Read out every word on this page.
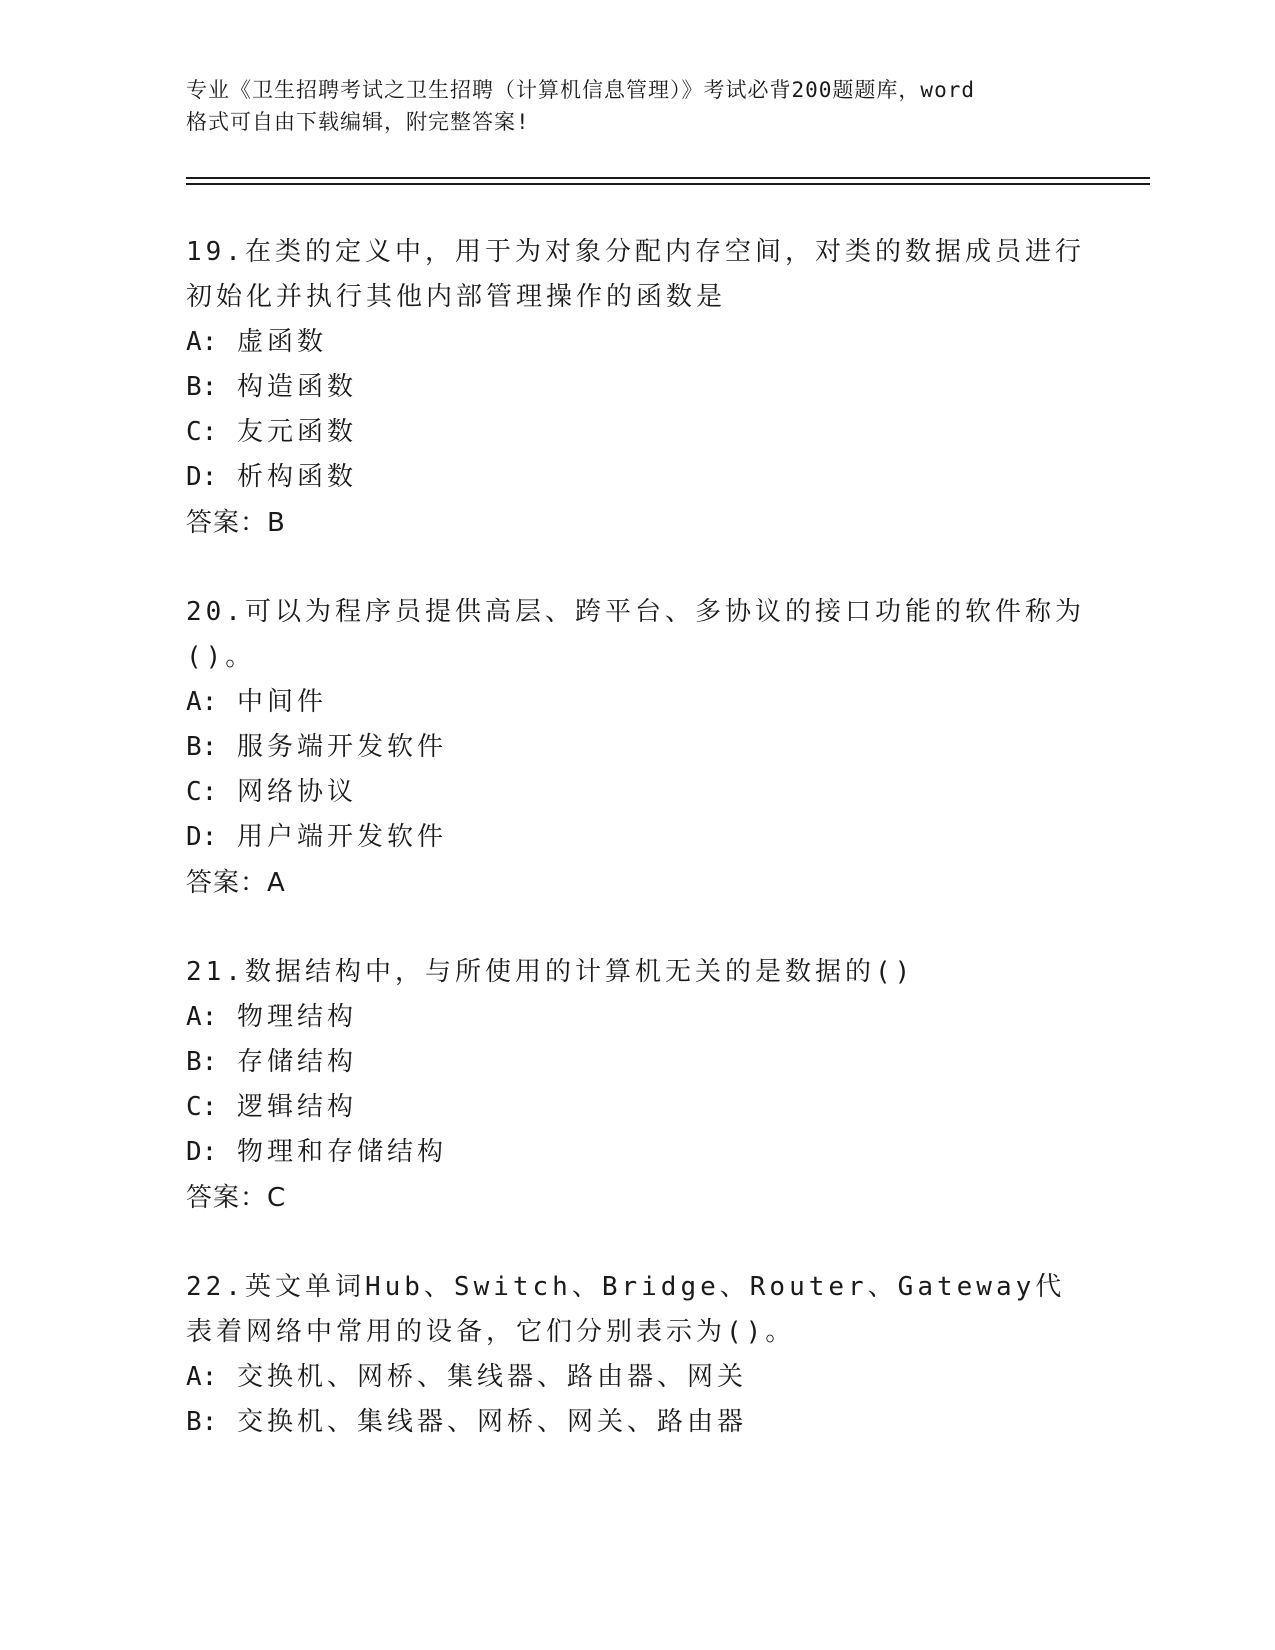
专业《卫生招聘考试之卫生招聘（计算机信息管理）》考试必背200题题库，word

格式可自由下载编辑，附完整答案!

19.在类的定义中，用于为对象分配内存空间，对类的数据成员进行初始化并执行其他内部管理操作的函数是

A: 虚函数

B: 构造函数

C: 友元函数

D: 析构函数

答案：B

20.可以为程序员提供高层、跨平台、多协议的接口功能的软件称为()。

A: 中间件

B: 服务端开发软件

C: 网络协议

D: 用户端开发软件

答案：A

21.数据结构中，与所使用的计算机无关的是数据的()

A: 物理结构

B: 存储结构

C: 逻辑结构

D: 物理和存储结构

答案：C

22.英文单词Hub、Switch、Bridge、Router、Gateway代表着网络中常用的设备，它们分别表示为()。

A: 交换机、网桥、集线器、路由器、网关

B: 交换机、集线器、网桥、网关、路由器
